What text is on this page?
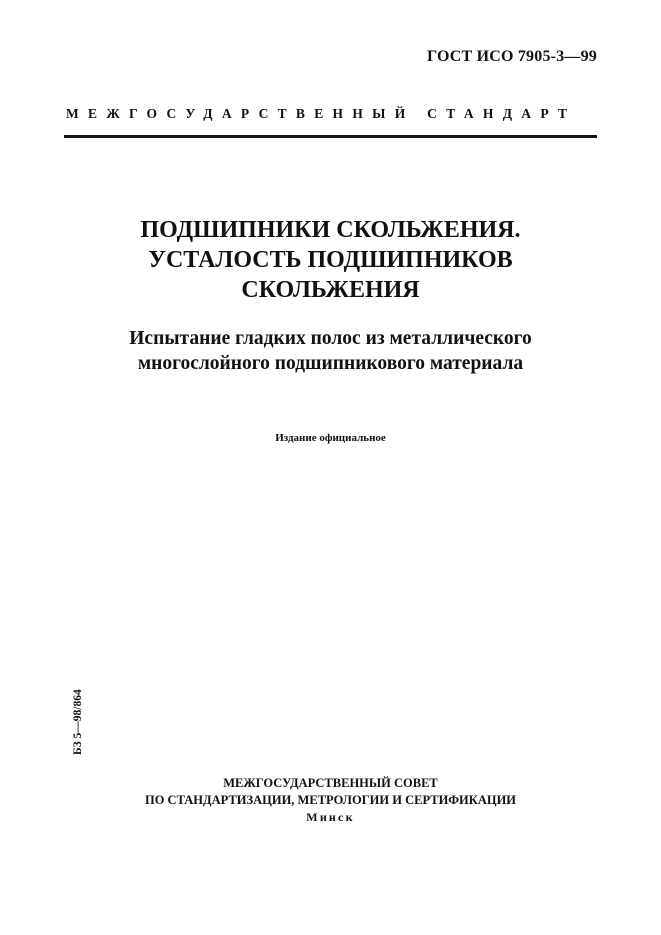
ГОСТ ИСО 7905-3—99
МЕЖГОСУДАРСТВЕННЫЙ СТАНДАРТ
ПОДШИПНИКИ СКОЛЬЖЕНИЯ.
УСТАЛОСТЬ ПОДШИПНИКОВ
СКОЛЬЖЕНИЯ
Испытание гладких полос из металлического
многослойного подшипникового материала
Издание официальное
БЗ 5—98/864
МЕЖГОСУДАРСТВЕННЫЙ СОВЕТ
ПО СТАНДАРТИЗАЦИИ, МЕТРОЛОГИИ И СЕРТИФИКАЦИИ
Минск
